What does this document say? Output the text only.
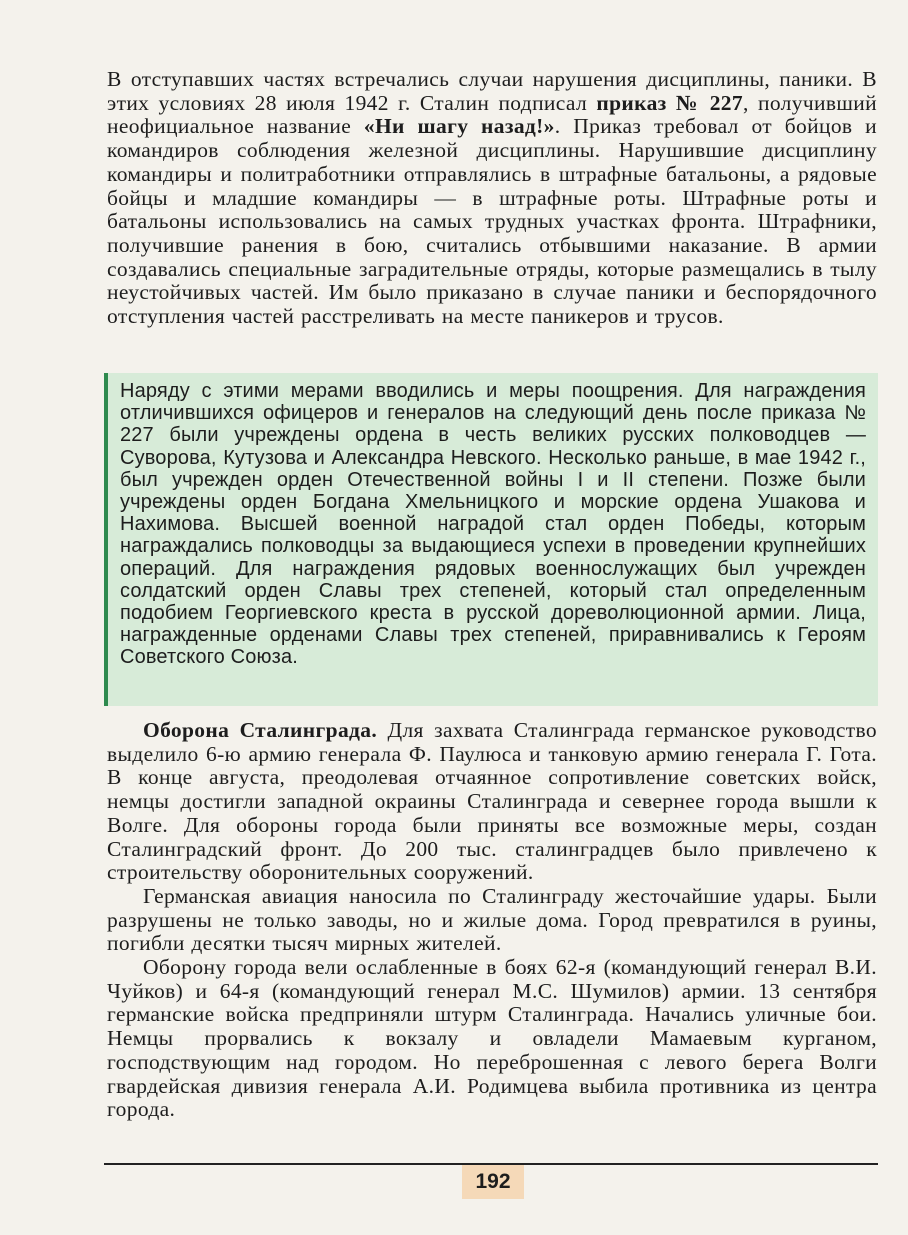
В отступавших частях встречались случаи нарушения дисциплины, паники. В этих условиях 28 июля 1942 г. Сталин подписал приказ № 227, получивший неофициальное название «Ни шагу назад!». Приказ требовал от бойцов и командиров соблюдения железной дисциплины. Нарушившие дисциплину командиры и политработники отправлялись в штрафные батальоны, а рядовые бойцы и младшие командиры — в штрафные роты. Штрафные роты и батальоны использовались на самых трудных участках фронта. Штрафники, получившие ранения в бою, считались отбывшими наказание. В армии создавались специальные заградительные отряды, которые размещались в тылу неустойчивых частей. Им было приказано в случае паники и беспорядочного отступления частей расстреливать на месте паникеров и трусов.

Наряду с этими мерами вводились и меры поощрения. Для награждения отличившихся офицеров и генералов на следующий день после приказа № 227 были учреждены ордена в честь великих русских полководцев — Суворова, Кутузова и Александра Невского. Несколько раньше, в мае 1942 г., был учрежден орден Отечественной войны I и II степени. Позже были учреждены орден Богдана Хмельницкого и морские ордена Ушакова и Нахимова. Высшей военной наградой стал орден Победы, которым награждались полководцы за выдающиеся успехи в проведении крупнейших операций. Для награждения рядовых военнослужащих был учрежден солдатский орден Славы трех степеней, который стал определенным подобием Георгиевского креста в русской дореволюционной армии. Лица, награжденные орденами Славы трех степеней, приравнивались к Героям Советского Союза.

Оборона Сталинграда. Для захвата Сталинграда германское руководство выделило 6-ю армию генерала Ф. Паулюса и танковую армию генерала Г. Гота. В конце августа, преодолевая отчаянное сопротивление советских войск, немцы достигли западной окраины Сталинграда и севернее города вышли к Волге. Для обороны города были приняты все возможные меры, создан Сталинградский фронт. До 200 тыс. сталинградцев было привлечено к строительству оборонительных сооружений.

Германская авиация наносила по Сталинграду жесточайшие удары. Были разрушены не только заводы, но и жилые дома. Город превратился в руины, погибли десятки тысяч мирных жителей.

Оборону города вели ослабленные в боях 62-я (командующий генерал В.И. Чуйков) и 64-я (командующий генерал М.С. Шумилов) армии. 13 сентября германские войска предприняли штурм Сталинграда. Начались уличные бои. Немцы прорвались к вокзалу и овладели Мамаевым курганом, господствующим над городом. Но переброшенная с левого берега Волги гвардейская дивизия генерала А.И. Родимцева выбила противника из центра города.

192
